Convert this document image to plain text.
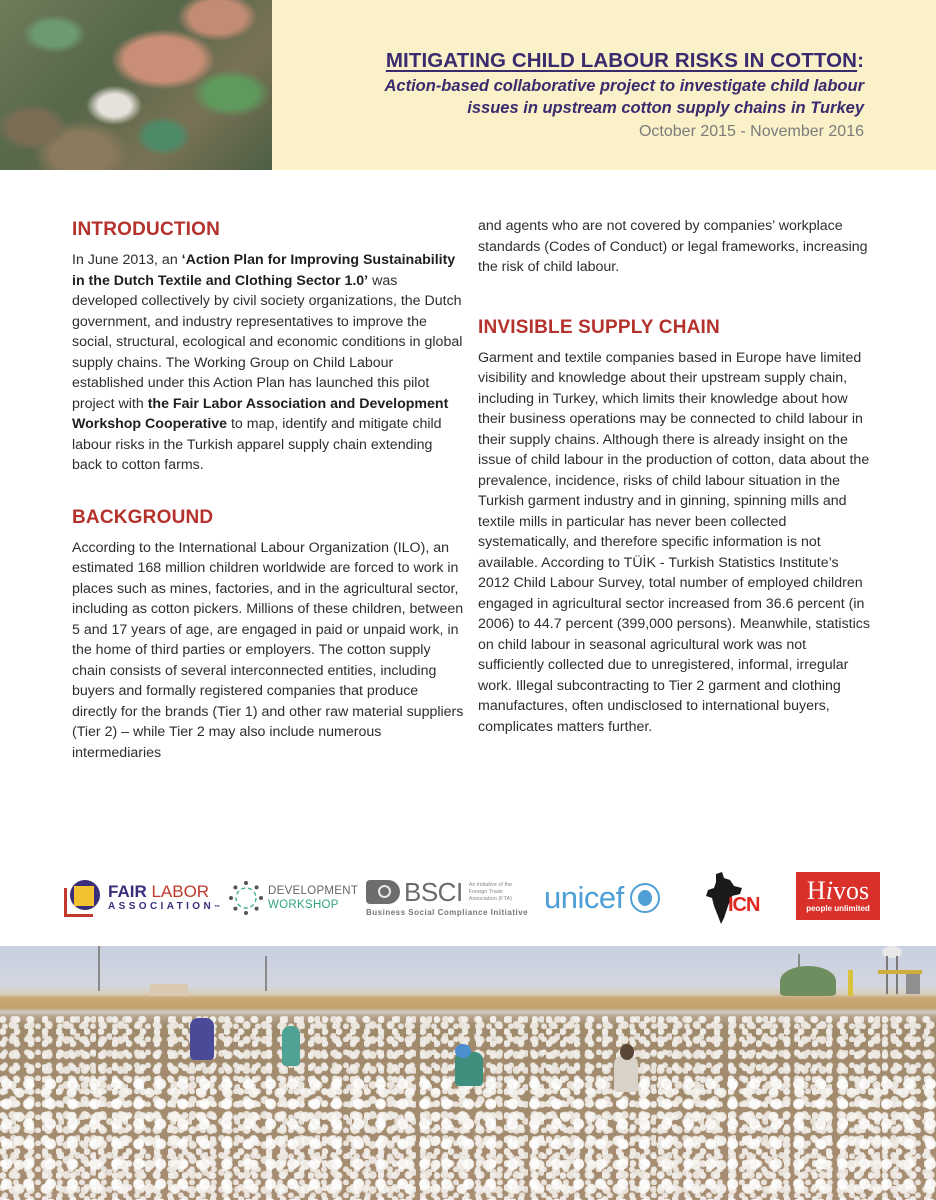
MITIGATING CHILD LABOUR RISKS IN COTTON:
Action-based collaborative project to investigate child labour
issues in upstream cotton supply chains in Turkey
October 2015 - November 2016
INTRODUCTION

In June 2013, an ‘Action Plan for Improving Sustainability in the Dutch Textile and Clothing Sector 1.0’ was developed collectively by civil society organizations, the Dutch government, and industry representatives to improve the social, structural, ecological and economic conditions in global supply chains. The Working Group on Child Labour established under this Action Plan has launched this pilot project with the Fair Labor Association and Development Workshop Cooperative to map, identify and mitigate child labour risks in the Turkish apparel supply chain extending back to cotton farms.

BACKGROUND

According to the International Labour Organization (ILO), an estimated 168 million children worldwide are forced to work in places such as mines, factories, and in the agricultural sector, including as cotton pickers. Millions of these children, between 5 and 17 years of age, are engaged in paid or unpaid work, in the home of third parties or employers. The cotton supply chain consists of several interconnected entities, including buyers and formally registered companies that produce directly for the brands (Tier 1) and other raw material suppliers (Tier 2) – while Tier 2 may also include numerous intermediaries

and agents who are not covered by companies’ workplace standards (Codes of Conduct) or legal frameworks, increasing the risk of child labour.

INVISIBLE SUPPLY CHAIN

Garment and textile companies based in Europe have limited visibility and knowledge about their upstream supply chain, including in Turkey, which limits their knowledge about how their business operations may be connected to child labour in their supply chains. Although there is already insight on the issue of child labour in the production of cotton, data about the prevalence, incidence, risks of child labour situation in the Turkish garment industry and in ginning, spinning mills and textile mills in particular has never been collected systematically, and therefore specific information is not available. According to TÜİK - Turkish Statistics Institute’s 2012 Child Labour Survey, total number of employed children engaged in agricultural sector increased from 36.6 percent (in 2006) to 44.7 percent (399,000 persons). Meanwhile, statistics on child labour in seasonal agricultural work was not sufficiently collected due to unregistered, informal, irregular work. Illegal subcontracting to Tier 2 garment and clothing manufactures, often undisclosed to international buyers, complicates matters further.

FAIR LABOR
ASSOCIATION™
DEVELOPMENT
WORKSHOP	BSCI An initiative of the Foreign Trade Association (FTA)
Business Social Compliance Initiative unicef	ICN Hivos
people unlimited
